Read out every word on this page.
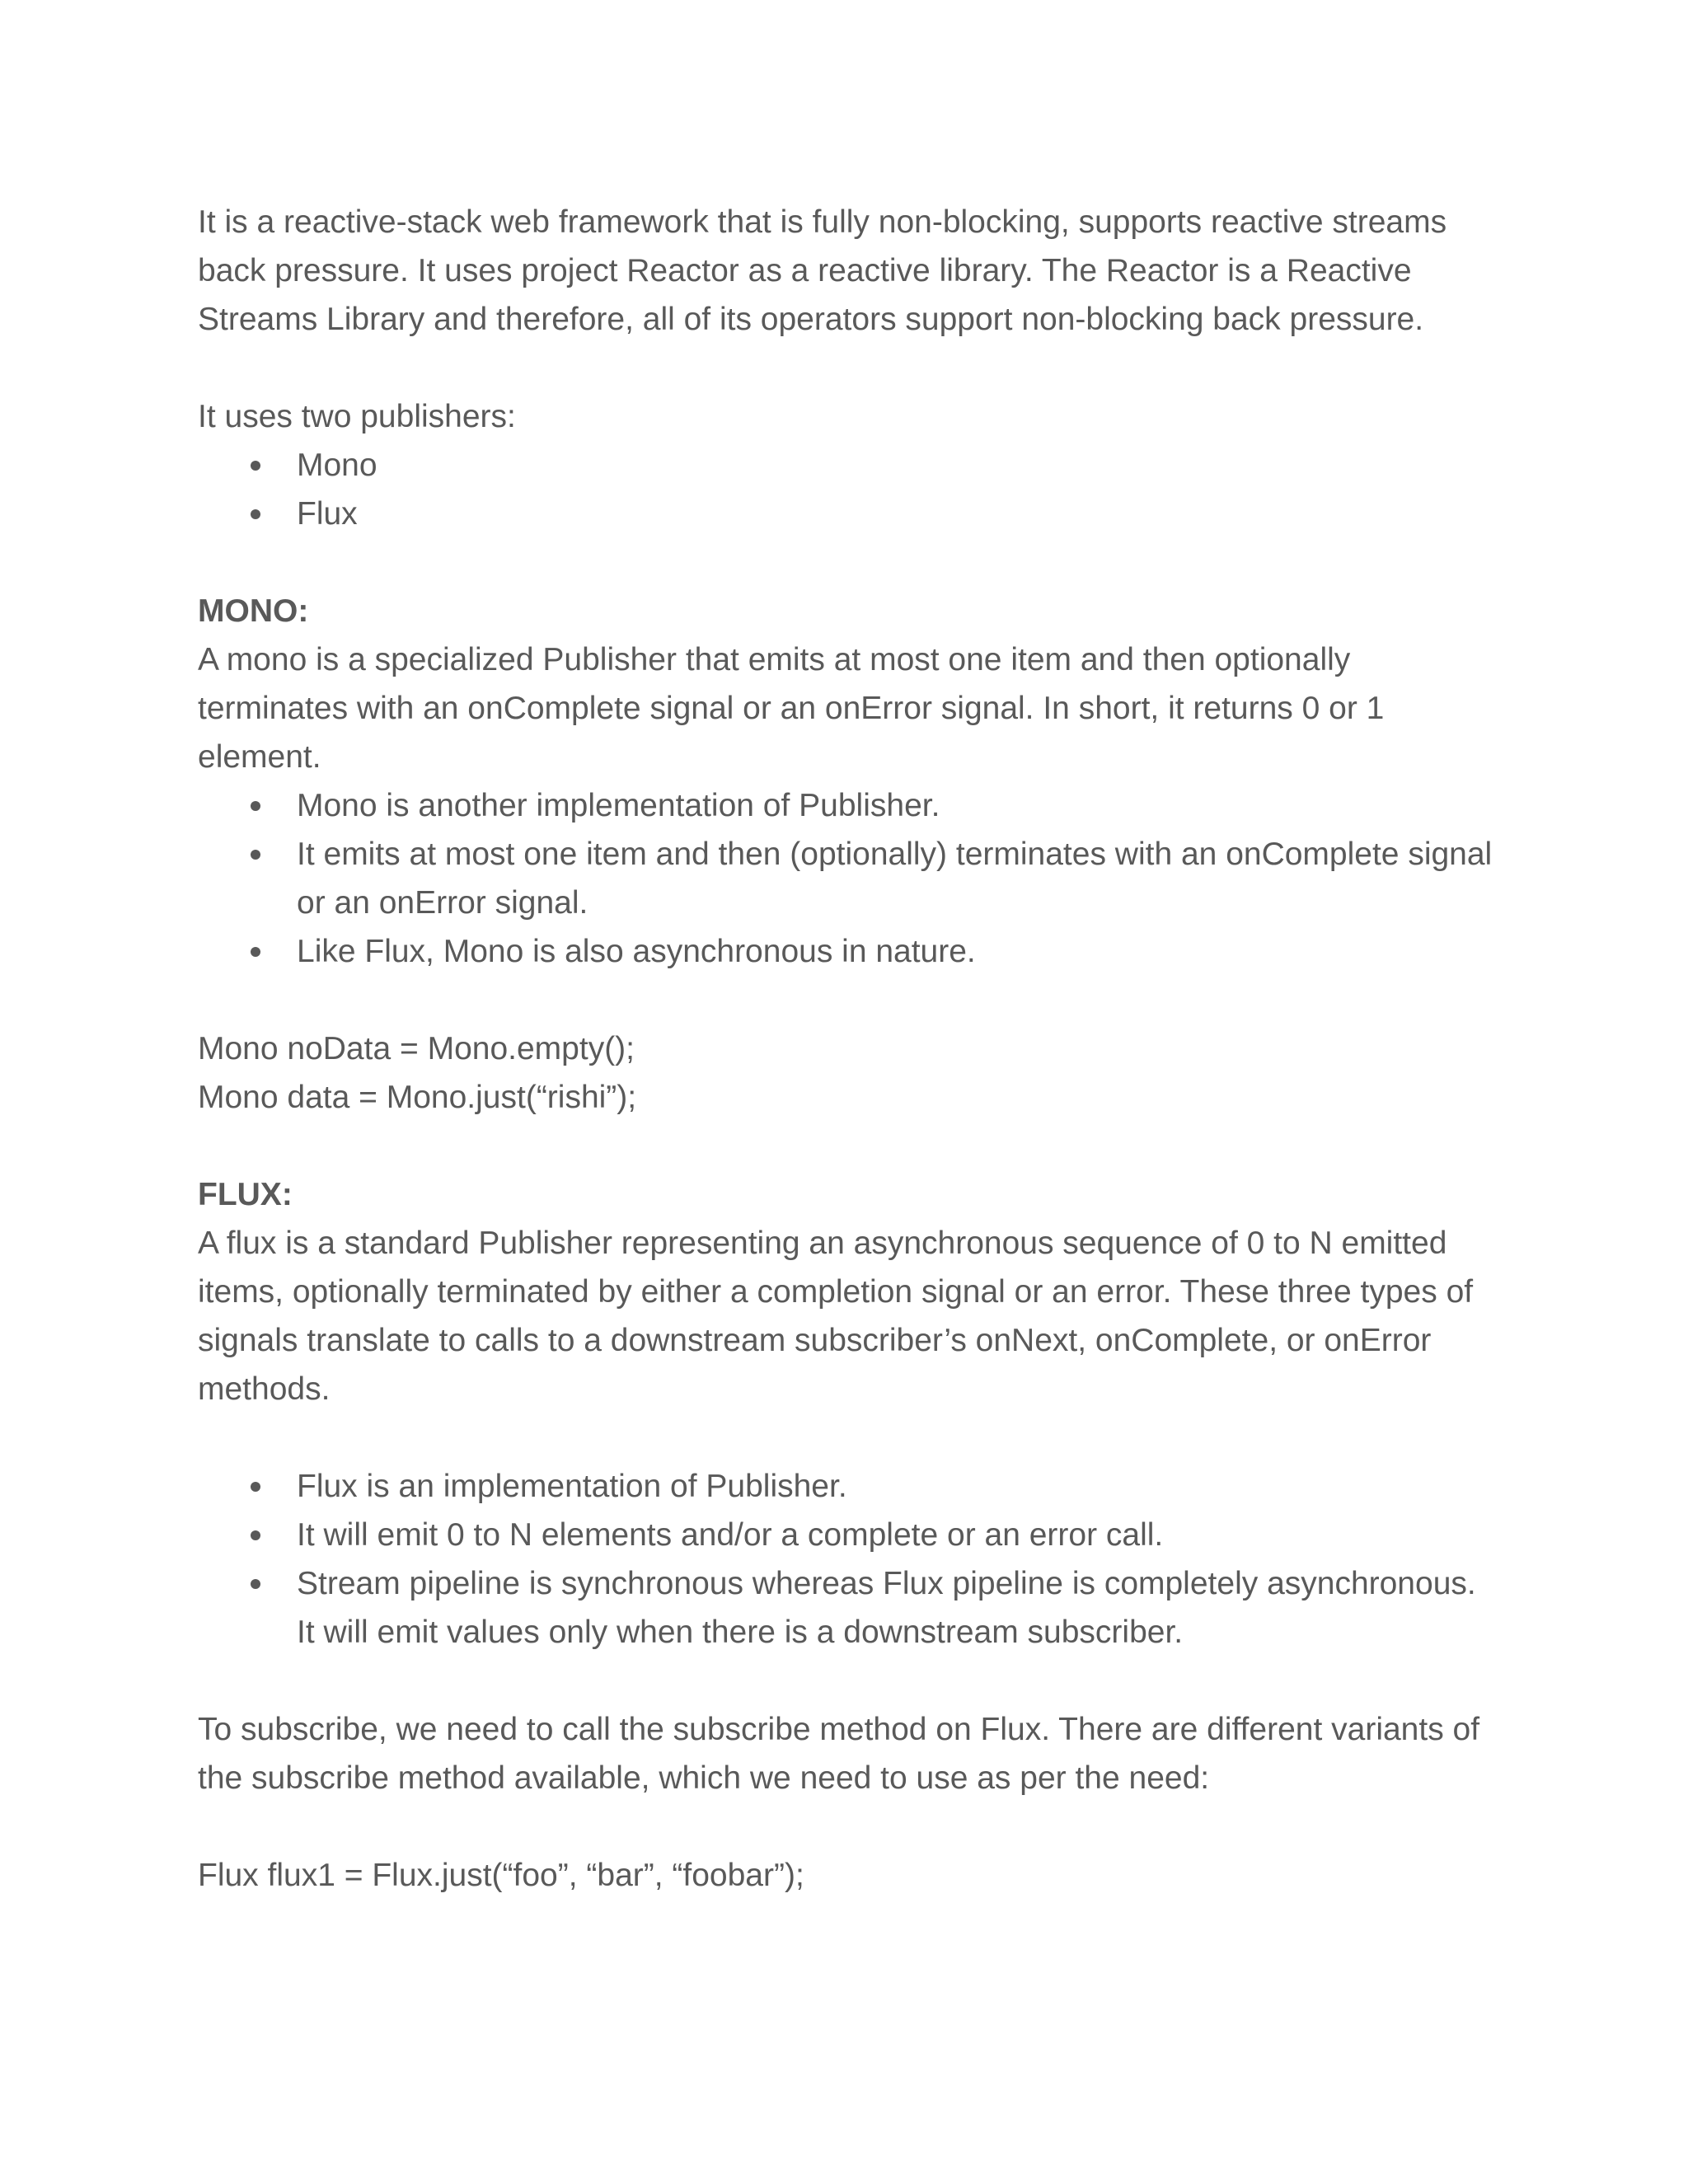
It is a reactive-stack web framework that is fully non-blocking, supports reactive streams back pressure. It uses project Reactor as a reactive library. The Reactor is a Reactive Streams Library and therefore, all of its operators support non-blocking back pressure.

It uses two publishers:

Mono
Flux

MONO:

A mono is a specialized Publisher that emits at most one item and then optionally terminates with an onComplete signal or an onError signal. In short, it returns 0 or 1 element.

Mono is another implementation of Publisher.
It emits at most one item and then (optionally) terminates with an onComplete signal or an onError signal.
Like Flux, Mono is also asynchronous in nature.

Mono noData = Mono.empty();

Mono data = Mono.just(“rishi”);

FLUX:

A flux is a standard Publisher representing an asynchronous sequence of 0 to N emitted items, optionally terminated by either a completion signal or an error. These three types of signals translate to calls to a downstream subscriber’s onNext, onComplete, or onError methods.

Flux is an implementation of Publisher.
It will emit 0 to N elements and/or a complete or an error call.
Stream pipeline is synchronous whereas Flux pipeline is completely asynchronous. It will emit values only when there is a downstream subscriber.

To subscribe, we need to call the subscribe method on Flux. There are different variants of the subscribe method available, which we need to use as per the need:

Flux flux1 = Flux.just(“foo”, “bar”, “foobar”);
